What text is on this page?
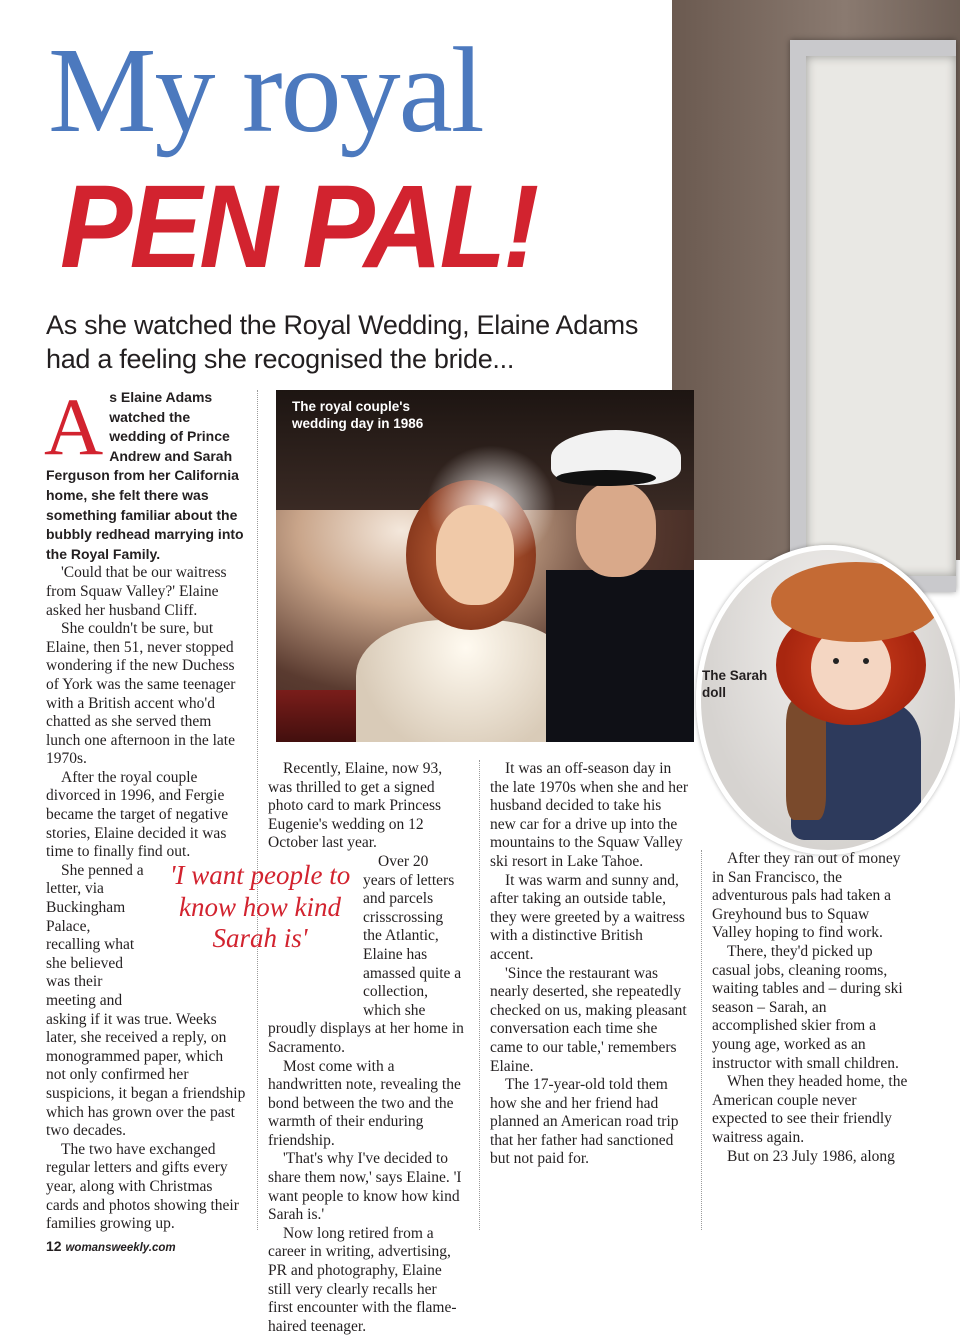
My royal
PEN PAL!

As she watched the Royal Wedding, Elaine Adams
had a feeling she recognised the bride...

The royal couple's wedding day in 1986
The Sarah doll

As Elaine Adams watched the wedding of Prince Andrew and Sarah Ferguson from her California home, she felt there was something familiar about the bubbly redhead marrying into the Royal Family.

'Could that be our waitress from Squaw Valley?' Elaine asked her husband Cliff.

She couldn't be sure, but Elaine, then 51, never stopped wondering if the new Duchess of York was the same teenager with a British accent who'd chatted as she served them lunch one afternoon in the late 1970s.

After the royal couple divorced in 1996, and Fergie became the target of negative stories, Elaine decided it was time to finally find out.

She penned a letter, via Buckingham Palace, recalling what she believed was their meeting and asking if it was true. Weeks later, she received a reply, on monogrammed paper, which not only confirmed her suspicions, it began a friendship which has grown over the past two decades.

The two have exchanged regular letters and gifts every year, along with Christmas cards and photos showing their families growing up.

'I want people to know how kind Sarah is'

Recently, Elaine, now 93, was thrilled to get a signed photo card to mark Princess Eugenie's wedding on 12 October last year.

Over 20 years of letters and parcels crisscrossing the Atlantic, Elaine has amassed quite a collection, which she proudly displays at her home in Sacramento.

Most come with a handwritten note, revealing the bond between the two and the warmth of their enduring friendship.

'That's why I've decided to share them now,' says Elaine. 'I want people to know how kind Sarah is.'

Now long retired from a career in writing, advertising, PR and photography, Elaine still very clearly recalls her first encounter with the flame-haired teenager.

It was an off-season day in the late 1970s when she and her husband decided to take his new car for a drive up into the mountains to the Squaw Valley ski resort in Lake Tahoe.

It was warm and sunny and, after taking an outside table, they were greeted by a waitress with a distinctive British accent.

'Since the restaurant was nearly deserted, she repeatedly checked on us, making pleasant conversation each time she came to our table,' remembers Elaine.

The 17-year-old told them how she and her friend had planned an American road trip that her father had sanctioned but not paid for.

After they ran out of money in San Francisco, the adventurous pals had taken a Greyhound bus to Squaw Valley hoping to find work.

There, they'd picked up casual jobs, cleaning rooms, waiting tables and – during ski season – Sarah, an accomplished skier from a young age, worked as an instructor with small children.

When they headed home, the American couple never expected to see their friendly waitress again.

But on 23 July 1986, along

12 womansweekly.com
